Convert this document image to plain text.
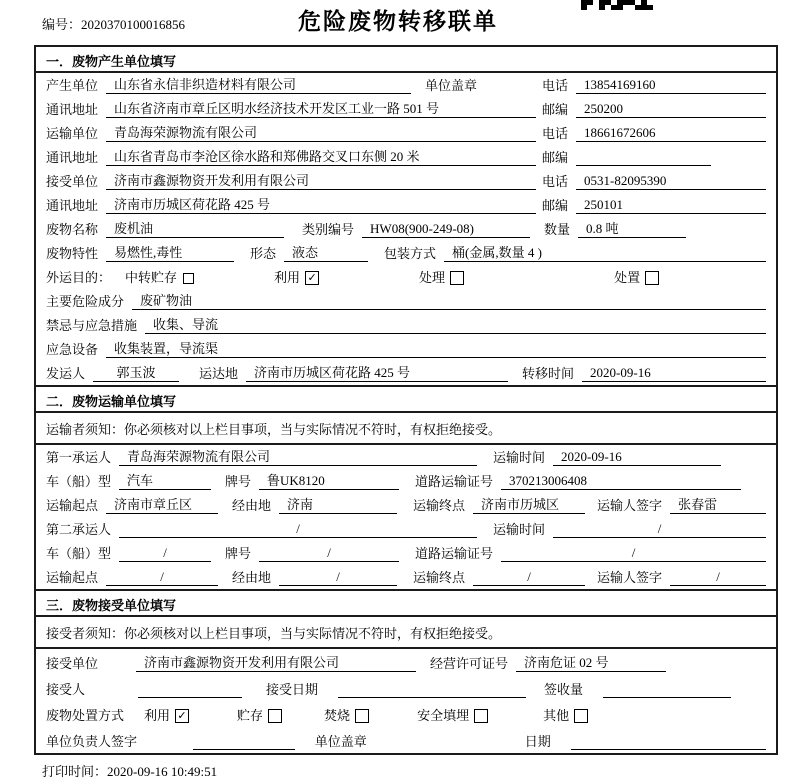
编号：2020370100016856	危险废物转移联单
一．废物产生单位填写
产生单位	山东省永信非织造材料有限公司	单位盖章	电话	13854169160
通讯地址	山东省济南市章丘区明水经济技术开发区工业一路 501 号	邮编	250200
运输单位	青岛海荣源物流有限公司	电话	18661672606
通讯地址	山东省青岛市李沧区徐水路和郑佛路交叉口东侧 20 米	邮编
接受单位	济南市鑫源物资开发利用有限公司	电话	0531-82095390
通讯地址	济南市历城区荷花路 425 号	邮编	250101
废物名称	废机油	类别编号	HW08(900-249-08)	数量	0.8 吨
废物特性	易燃性,毒性	形态	液态	包装方式	桶(金属,数量 4 )
外运目的： 中转贮存	利用 ✓	处理	处置
主要危险成分	废矿物油
禁忌与应急措施	收集、导流
应急设备	收集装置，导流渠
发运人	郭玉波	运达地	济南市历城区荷花路 425 号	转移时间	2020-09-16
二．废物运输单位填写
运输者须知：你必须核对以上栏目事项，当与实际情况不符时，有权拒绝接受。
第一承运人	青岛海荣源物流有限公司	运输时间	2020-09-16
车（船）型	汽车	牌号	鲁UK8120	道路运输证号	370213006408
运输起点	济南市章丘区	经由地	济南	运输终点	济南市历城区	运输人签字	张春雷
第二承运人	/	运输时间	/
车（船）型	/	牌号	/	道路运输证号	/
运输起点	/	经由地	/	运输终点	/	运输人签字	/
三．废物接受单位填写
接受者须知：你必须核对以上栏目事项，当与实际情况不符时，有权拒绝接受。
接受单位	济南市鑫源物资开发利用有限公司	经营许可证号	济南危证 02 号
接受人	接受日期	签收量
废物处置方式 利用 ✓	贮存	焚烧	安全填埋	其他
单位负责人签字	单位盖章	日期
打印时间：2020-09-16 10:49:51
